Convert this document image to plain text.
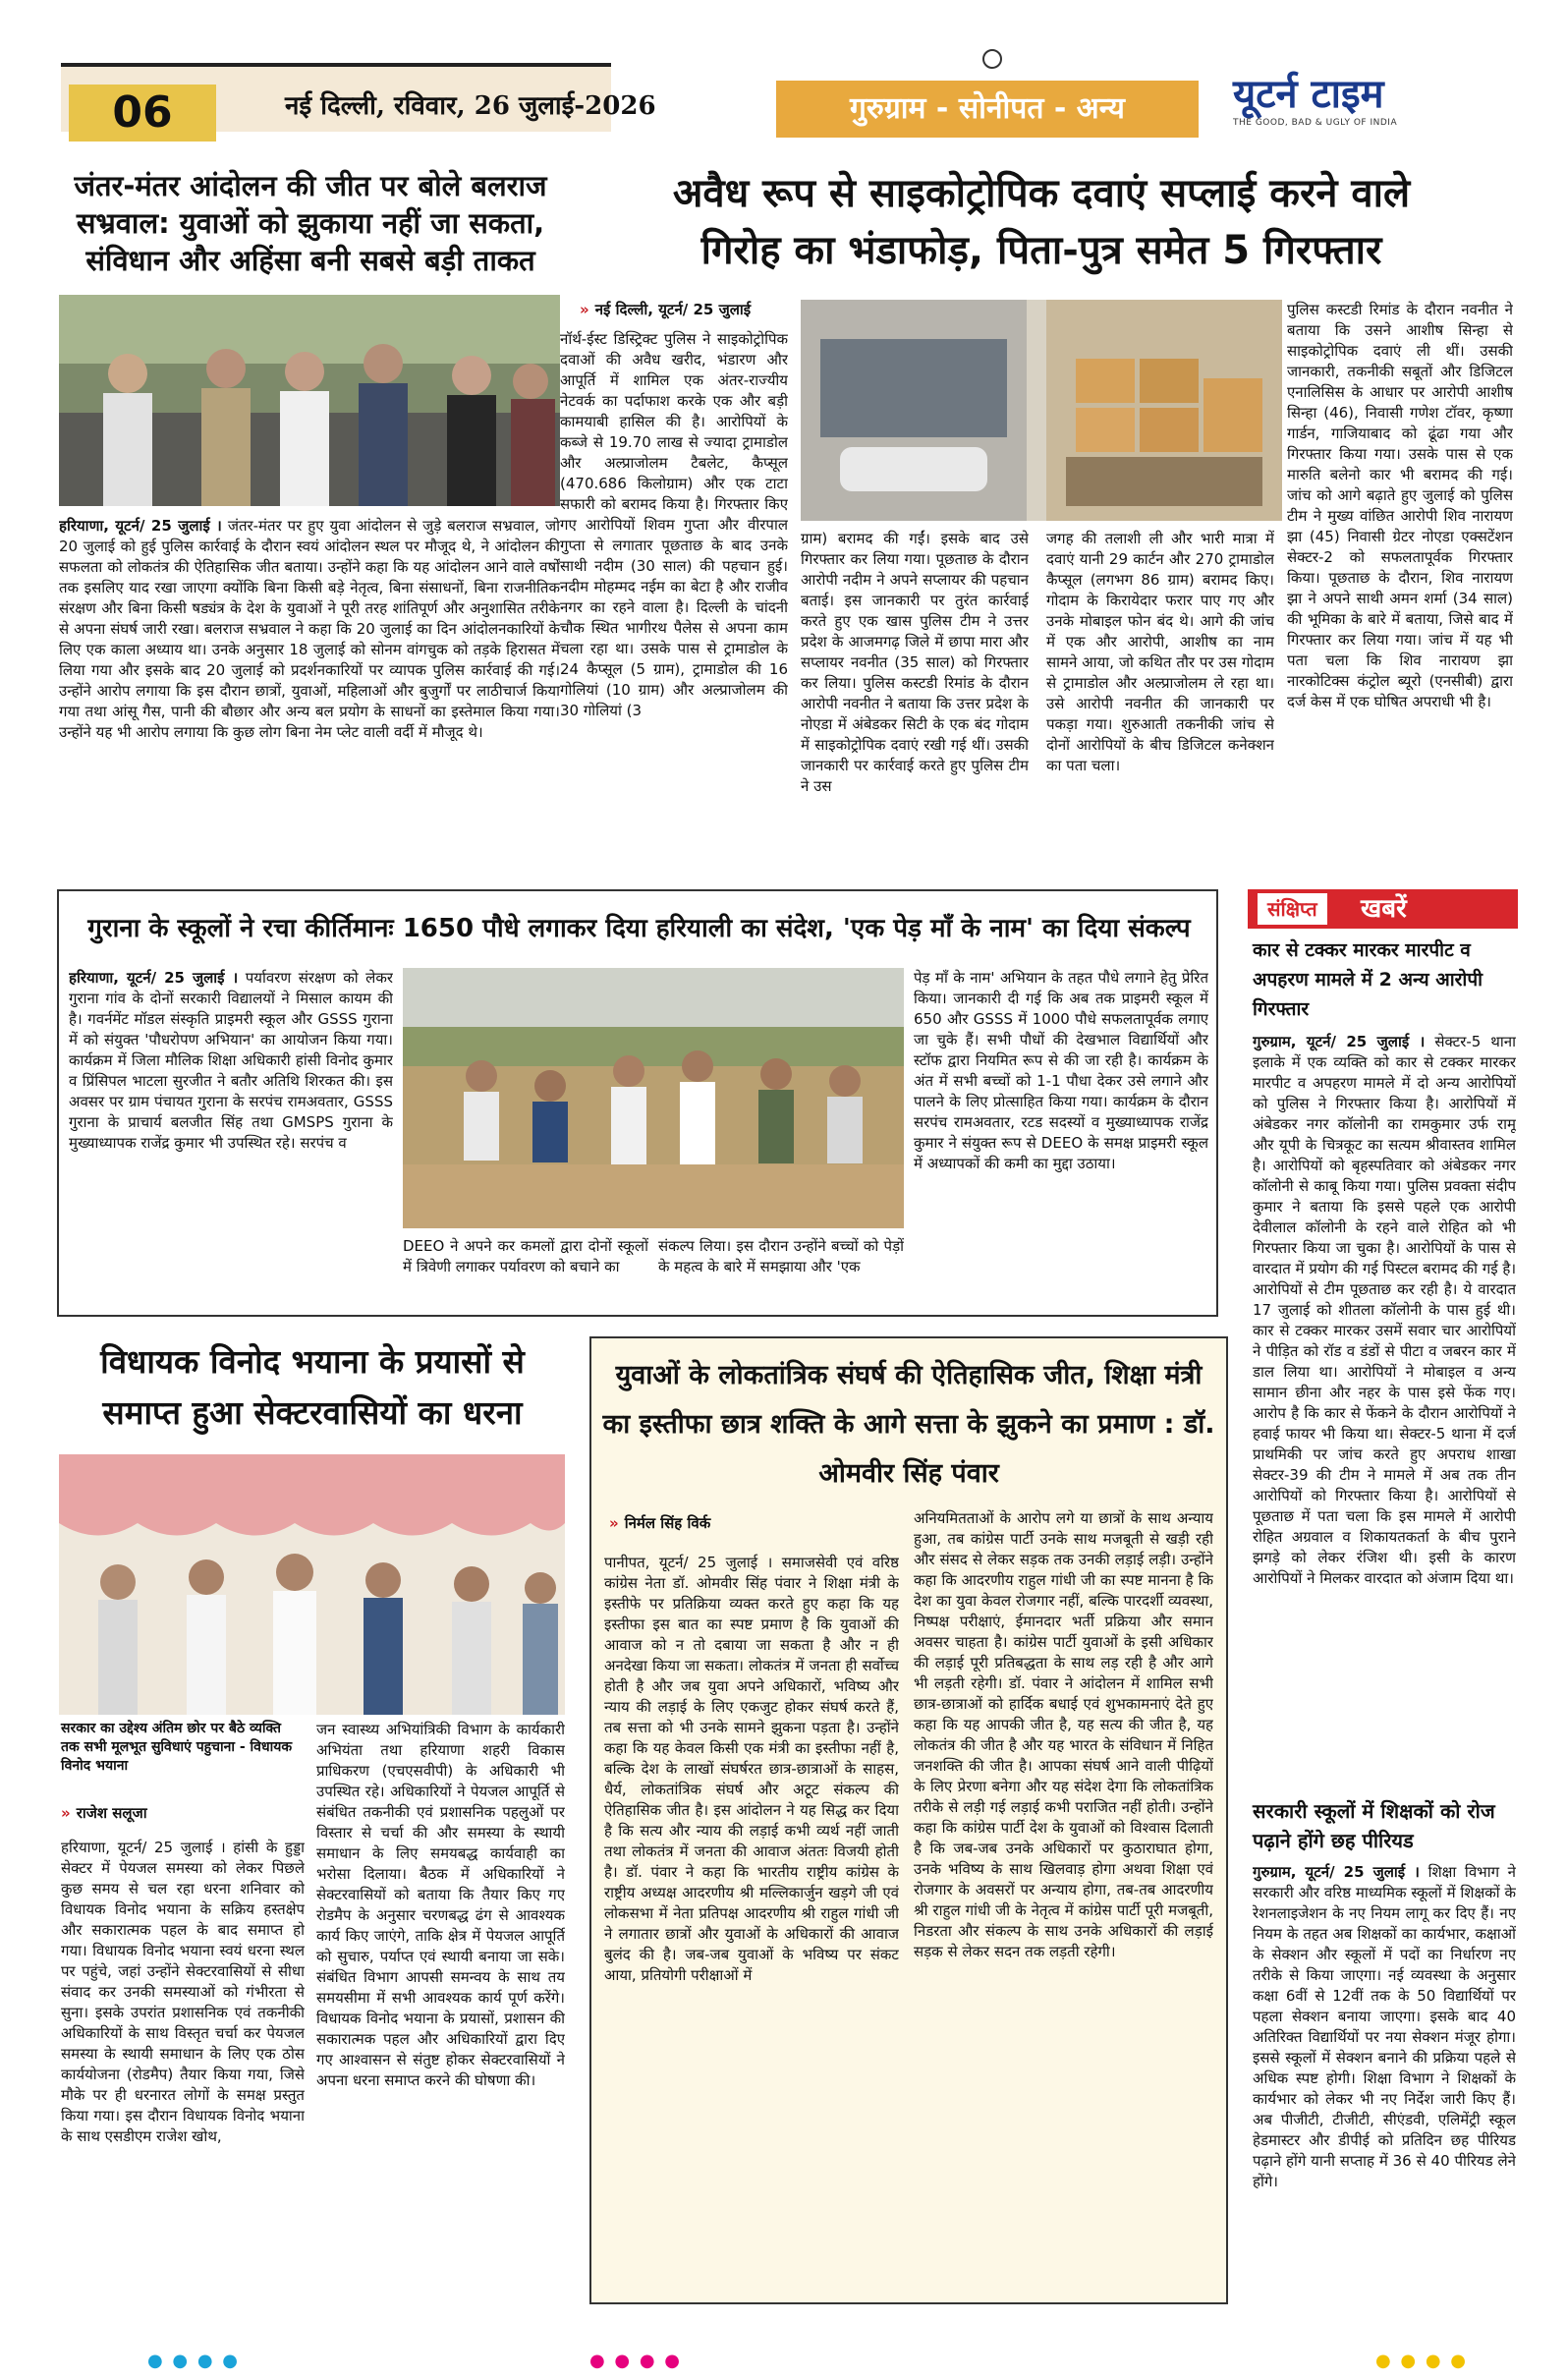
06	नई दिल्ली, रविवार, 26 जुलाई-2026	गुरुग्राम - सोनीपत - अन्य	यूटर्न टाइम
THE GOOD, BAD & UGLY OF INDIA
जंतर-मंतर आंदोलन की जीत पर बोले बलराज सभ्रवाल: युवाओं को झुकाया नहीं जा सकता, संविधान और अहिंसा बनी सबसे बड़ी ताकत
हरियाणा, यूटर्न/ 25 जुलाई । जंतर-मंतर पर हुए युवा आंदोलन से जुड़े बलराज सभ्रवाल, जो 20 जुलाई को हुई पुलिस कार्रवाई के दौरान स्वयं आंदोलन स्थल पर मौजूद थे, ने आंदोलन की सफलता को लोकतंत्र की ऐतिहासिक जीत बताया। उन्होंने कहा कि यह आंदोलन आने वाले वर्षों तक इसलिए याद रखा जाएगा क्योंकि बिना किसी बड़े नेतृत्व, बिना संसाधनों, बिना राजनीतिक संरक्षण और बिना किसी षड्यंत्र के देश के युवाओं ने पूरी तरह शांतिपूर्ण और अनुशासित तरीके से अपना संघर्ष जारी रखा। बलराज सभ्रवाल ने कहा कि 20 जुलाई का दिन आंदोलनकारियों के लिए एक काला अध्याय था। उनके अनुसार 18 जुलाई को सोनम वांगचुक को तड़के हिरासत में लिया गया और इसके बाद 20 जुलाई को प्रदर्शनकारियों पर व्यापक पुलिस कार्रवाई की गई। उन्होंने आरोप लगाया कि इस दौरान छात्रों, युवाओं, महिलाओं और बुजुर्गों पर लाठीचार्ज किया गया तथा आंसू गैस, पानी की बौछार और अन्य बल प्रयोग के साधनों का इस्तेमाल किया गया। उन्होंने यह भी आरोप लगाया कि कुछ लोग बिना नेम प्लेट वाली वर्दी में मौजूद थे।
अवैध रूप से साइकोट्रोपिक दवाएं सप्लाई करने वाले
गिरोह का भंडाफोड़, पिता-पुत्र समेत 5 गिरफ्तार
» नई दिल्ली, यूटर्न/ 25 जुलाई
नॉर्थ-ईस्ट डिस्ट्रिक्ट पुलिस ने साइकोट्रोपिक दवाओं की अवैध खरीद, भंडारण और आपूर्ति में शामिल एक अंतर-राज्यीय नेटवर्क का पर्दाफाश करके एक और बड़ी कामयाबी हासिल की है। आरोपियों के कब्जे से 19.70 लाख से ज्यादा ट्रामाडोल और अल्प्राजोलम टैबलेट, कैप्सूल (470.686 किलोग्राम) और एक टाटा सफारी को बरामद किया है। गिरफ्तार किए गए आरोपियों शिवम गुप्ता और वीरपाल गुप्ता से लगातार पूछताछ के बाद उनके साथी नदीम (30 साल) की पहचान हुई। नदीम मोहम्मद नईम का बेटा है और राजीव नगर का रहने वाला है। दिल्ली के चांदनी चौक स्थित भागीरथ पैलेस से अपना काम चला रहा था। उसके पास से ट्रामाडोल के 24 कैप्सूल (5 ग्राम), ट्रामाडोल की 16 गोलियां (10 ग्राम) और अल्प्राजोलम की 30 गोलियां (3
ग्राम) बरामद की गईं। इसके बाद उसे गिरफ्तार कर लिया गया। पूछताछ के दौरान आरोपी नदीम ने अपने सप्लायर की पहचान बताई। इस जानकारी पर तुरंत कार्रवाई करते हुए एक खास पुलिस टीम ने उत्तर प्रदेश के आजमगढ़ जिले में छापा मारा और सप्लायर नवनीत (35 साल) को गिरफ्तार कर लिया। पुलिस कस्टडी रिमांड के दौरान आरोपी नवनीत ने बताया कि उत्तर प्रदेश के नोएडा में अंबेडकर सिटी के एक बंद गोदाम में साइकोट्रोपिक दवाएं रखी गई थीं। उसकी जानकारी पर कार्रवाई करते हुए पुलिस टीम ने उस
जगह की तलाशी ली और भारी मात्रा में दवाएं यानी 29 कार्टन और 270 ट्रामाडोल कैप्सूल (लगभग 86 ग्राम) बरामद किए। गोदाम के किरायेदार फरार पाए गए और उनके मोबाइल फोन बंद थे। आगे की जांच में एक और आरोपी, आशीष का नाम सामने आया, जो कथित तौर पर उस गोदाम से ट्रामाडोल और अल्प्राजोलम ले रहा था। उसे आरोपी नवनीत की जानकारी पर पकड़ा गया। शुरुआती तकनीकी जांच से दोनों आरोपियों के बीच डिजिटल कनेक्शन का पता चला।
पुलिस कस्टडी रिमांड के दौरान नवनीत ने बताया कि उसने आशीष सिन्हा से साइकोट्रोपिक दवाएं ली थीं। उसकी जानकारी, तकनीकी सबूतों और डिजिटल एनालिसिस के आधार पर आरोपी आशीष सिन्हा (46), निवासी गणेश टॉवर, कृष्णा गार्डन, गाजियाबाद को ढूंढा गया और गिरफ्तार किया गया। उसके पास से एक मारुति बलेनो कार भी बरामद की गई। जांच को आगे बढ़ाते हुए जुलाई को पुलिस टीम ने मुख्य वांछित आरोपी शिव नारायण झा (45) निवासी ग्रेटर नोएडा एक्सटेंशन सेक्टर-2 को सफलतापूर्वक गिरफ्तार किया। पूछताछ के दौरान, शिव नारायण झा ने अपने साथी अमन शर्मा (34 साल) की भूमिका के बारे में बताया, जिसे बाद में गिरफ्तार कर लिया गया। जांच में यह भी पता चला कि शिव नारायण झा नारकोटिक्स कंट्रोल ब्यूरो (एनसीबी) द्वारा दर्ज केस में एक घोषित अपराधी भी है।
गुराना के स्कूलों ने रचा कीर्तिमानः 1650 पौधे लगाकर दिया हरियाली का संदेश, 'एक पेड़ माँ के नाम' का दिया संकल्प
हरियाणा, यूटर्न/ 25 जुलाई । पर्यावरण संरक्षण को लेकर गुराना गांव के दोनों सरकारी विद्यालयों ने मिसाल कायम की है। गवर्नमेंट मॉडल संस्कृति प्राइमरी स्कूल और GSSS गुराना में को संयुक्त 'पौधरोपण अभियान' का आयोजन किया गया। कार्यक्रम में जिला मौलिक शिक्षा अधिकारी हांसी विनोद कुमार व प्रिंसिपल भाटला सुरजीत ने बतौर अतिथि शिरकत की। इस अवसर पर ग्राम पंचायत गुराना के सरपंच रामअवतार, GSSS गुराना के प्राचार्य बलजीत सिंह तथा GMSPS गुराना के मुख्याध्यापक राजेंद्र कुमार भी उपस्थित रहे। सरपंच व
DEEO ने अपने कर कमलों द्वारा दोनों स्कूलों में त्रिवेणी लगाकर पर्यावरण को बचाने का
संकल्प लिया। इस दौरान उन्होंने बच्चों को पेड़ों के महत्व के बारे में समझाया और 'एक
पेड़ माँ के नाम' अभियान के तहत पौधे लगाने हेतु प्रेरित किया। जानकारी दी गई कि अब तक प्राइमरी स्कूल में 650 और GSSS में 1000 पौधे सफलतापूर्वक लगाए जा चुके हैं। सभी पौधों की देखभाल विद्यार्थियों और स्टॉफ द्वारा नियमित रूप से की जा रही है। कार्यक्रम के अंत में सभी बच्चों को 1-1 पौधा देकर उसे लगाने और पालने के लिए प्रोत्साहित किया गया। कार्यक्रम के दौरान सरपंच रामअवतार, रटड सदस्यों व मुख्याध्यापक राजेंद्र कुमार ने संयुक्त रूप से DEEO के समक्ष प्राइमरी स्कूल में अध्यापकों की कमी का मुद्दा उठाया।
संक्षिप्त	खबरें
कार से टक्कर मारकर मारपीट व अपहरण मामले में 2 अन्य आरोपी गिरफ्तार
गुरुग्राम, यूटर्न/ 25 जुलाई । सेक्टर-5 थाना इलाके में एक व्यक्ति को कार से टक्कर मारकर मारपीट व अपहरण मामले में दो अन्य आरोपियों को पुलिस ने गिरफ्तार किया है। आरोपियों में अंबेडकर नगर कॉलोनी का रामकुमार उर्फ रामू और यूपी के चित्रकूट का सत्यम श्रीवास्तव शामिल है। आरोपियों को बृहस्पतिवार को अंबेडकर नगर कॉलोनी से काबू किया गया। पुलिस प्रवक्ता संदीप कुमार ने बताया कि इससे पहले एक आरोपी देवीलाल कॉलोनी के रहने वाले रोहित को भी गिरफ्तार किया जा चुका है। आरोपियों के पास से वारदात में प्रयोग की गई पिस्टल बरामद की गई है। आरोपियों से टीम पूछताछ कर रही है। ये वारदात 17 जुलाई को शीतला कॉलोनी के पास हुई थी। कार से टक्कर मारकर उसमें सवार चार आरोपियों ने पीड़ित को रॉड व डंडों से पीटा व जबरन कार में डाल लिया था। आरोपियों ने मोबाइल व अन्य सामान छीना और नहर के पास इसे फेंक गए। आरोप है कि कार से फेंकने के दौरान आरोपियों ने हवाई फायर भी किया था। सेक्टर-5 थाना में दर्ज प्राथमिकी पर जांच करते हुए अपराध शाखा सेक्टर-39 की टीम ने मामले में अब तक तीन आरोपियों को गिरफ्तार किया है। आरोपियों से पूछताछ में पता चला कि इस मामले में आरोपी रोहित अग्रवाल व शिकायतकर्ता के बीच पुराने झगड़े को लेकर रंजिश थी। इसी के कारण आरोपियों ने मिलकर वारदात को अंजाम दिया था।
सरकारी स्कूलों में शिक्षकों को रोज पढ़ाने होंगे छह पीरियड
गुरुग्राम, यूटर्न/ 25 जुलाई । शिक्षा विभाग ने सरकारी और वरिष्ठ माध्यमिक स्कूलों में शिक्षकों के रेशनलाइजेशन के नए नियम लागू कर दिए हैं। नए नियम के तहत अब शिक्षकों का कार्यभार, कक्षाओं के सेक्शन और स्कूलों में पदों का निर्धारण नए तरीके से किया जाएगा। नई व्यवस्था के अनुसार कक्षा 6वीं से 12वीं तक के 50 विद्यार्थियों पर पहला सेक्शन बनाया जाएगा। इसके बाद 40 अतिरिक्त विद्यार्थियों पर नया सेक्शन मंजूर होगा। इससे स्कूलों में सेक्शन बनाने की प्रक्रिया पहले से अधिक स्पष्ट होगी। शिक्षा विभाग ने शिक्षकों के कार्यभार को लेकर भी नए निर्देश जारी किए हैं। अब पीजीटी, टीजीटी, सीएंडवी, एलिमेंट्री स्कूल हेडमास्टर और डीपीई को प्रतिदिन छह पीरियड पढ़ाने होंगे यानी सप्ताह में 36 से 40 पीरियड लेने होंगे।
विधायक विनोद भयाना के प्रयासों से समाप्त हुआ सेक्टरवासियों का धरना
सरकार का उद्देश्य अंतिम छोर पर बैठे व्यक्ति तक सभी मूलभूत सुविधाएं पहुचाना - विधायक विनोद भयाना
» राजेश सलूजा
हरियाणा, यूटर्न/ 25 जुलाई । हांसी के हुड्डा सेक्टर में पेयजल समस्या को लेकर पिछले कुछ समय से चल रहा धरना शनिवार को विधायक विनोद भयाना के सक्रिय हस्तक्षेप और सकारात्मक पहल के बाद समाप्त हो गया। विधायक विनोद भयाना स्वयं धरना स्थल पर पहुंचे, जहां उन्होंने सेक्टरवासियों से सीधा संवाद कर उनकी समस्याओं को गंभीरता से सुना। इसके उपरांत प्रशासनिक एवं तकनीकी अधिकारियों के साथ विस्तृत चर्चा कर पेयजल समस्या के स्थायी समाधान के लिए एक ठोस कार्ययोजना (रोडमैप) तैयार किया गया, जिसे मौके पर ही धरनारत लोगों के समक्ष प्रस्तुत किया गया। इस दौरान विधायक विनोद भयाना के साथ एसडीएम राजेश खोथ,
जन स्वास्थ्य अभियांत्रिकी विभाग के कार्यकारी अभियंता तथा हरियाणा शहरी विकास प्राधिकरण (एचएसवीपी) के अधिकारी भी उपस्थित रहे। अधिकारियों ने पेयजल आपूर्ति से संबंधित तकनीकी एवं प्रशासनिक पहलुओं पर विस्तार से चर्चा की और समस्या के स्थायी समाधान के लिए समयबद्ध कार्यवाही का भरोसा दिलाया। बैठक में अधिकारियों ने सेक्टरवासियों को बताया कि तैयार किए गए रोडमैप के अनुसार चरणबद्ध ढंग से आवश्यक कार्य किए जाएंगे, ताकि क्षेत्र में पेयजल आपूर्ति को सुचारु, पर्याप्त एवं स्थायी बनाया जा सके। संबंधित विभाग आपसी समन्वय के साथ तय समयसीमा में सभी आवश्यक कार्य पूर्ण करेंगे। विधायक विनोद भयाना के प्रयासों, प्रशासन की सकारात्मक पहल और अधिकारियों द्वारा दिए गए आश्वासन से संतुष्ट होकर सेक्टरवासियों ने अपना धरना समाप्त करने की घोषणा की।
युवाओं के लोकतांत्रिक संघर्ष की ऐतिहासिक जीत, शिक्षा मंत्री का इस्तीफा छात्र शक्ति के आगे सत्ता के झुकने का प्रमाण : डॉ. ओमवीर सिंह पंवार
» निर्मल सिंह विर्क
पानीपत, यूटर्न/ 25 जुलाई । समाजसेवी एवं वरिष्ठ कांग्रेस नेता डॉ. ओमवीर सिंह पंवार ने शिक्षा मंत्री के इस्तीफे पर प्रतिक्रिया व्यक्त करते हुए कहा कि यह इस्तीफा इस बात का स्पष्ट प्रमाण है कि युवाओं की आवाज को न तो दबाया जा सकता है और न ही अनदेखा किया जा सकता। लोकतंत्र में जनता ही सर्वोच्च होती है और जब युवा अपने अधिकारों, भविष्य और न्याय की लड़ाई के लिए एकजुट होकर संघर्ष करते हैं, तब सत्ता को भी उनके सामने झुकना पड़ता है। उन्होंने कहा कि यह केवल किसी एक मंत्री का इस्तीफा नहीं है, बल्कि देश के लाखों संघर्षरत छात्र-छात्राओं के साहस, धैर्य, लोकतांत्रिक संघर्ष और अटूट संकल्प की ऐतिहासिक जीत है। इस आंदोलन ने यह सिद्ध कर दिया है कि सत्य और न्याय की लड़ाई कभी व्यर्थ नहीं जाती तथा लोकतंत्र में जनता की आवाज अंततः विजयी होती है। डॉ. पंवार ने कहा कि भारतीय राष्ट्रीय कांग्रेस के राष्ट्रीय अध्यक्ष आदरणीय श्री मल्लिकार्जुन खड़गे जी एवं लोकसभा में नेता प्रतिपक्ष आदरणीय श्री राहुल गांधी जी ने लगातार छात्रों और युवाओं के अधिकारों की आवाज बुलंद की है। जब-जब युवाओं के भविष्य पर संकट आया, प्रतियोगी परीक्षाओं में
अनियमितताओं के आरोप लगे या छात्रों के साथ अन्याय हुआ, तब कांग्रेस पार्टी उनके साथ मजबूती से खड़ी रही और संसद से लेकर सड़क तक उनकी लड़ाई लड़ी। उन्होंने कहा कि आदरणीय राहुल गांधी जी का स्पष्ट मानना है कि देश का युवा केवल रोजगार नहीं, बल्कि पारदर्शी व्यवस्था, निष्पक्ष परीक्षाएं, ईमानदार भर्ती प्रक्रिया और समान अवसर चाहता है। कांग्रेस पार्टी युवाओं के इसी अधिकार की लड़ाई पूरी प्रतिबद्धता के साथ लड़ रही है और आगे भी लड़ती रहेगी। डॉ. पंवार ने आंदोलन में शामिल सभी छात्र-छात्राओं को हार्दिक बधाई एवं शुभकामनाएं देते हुए कहा कि यह आपकी जीत है, यह सत्य की जीत है, यह लोकतंत्र की जीत है और यह भारत के संविधान में निहित जनशक्ति की जीत है। आपका संघर्ष आने वाली पीढ़ियों के लिए प्रेरणा बनेगा और यह संदेश देगा कि लोकतांत्रिक तरीके से लड़ी गई लड़ाई कभी पराजित नहीं होती। उन्होंने कहा कि कांग्रेस पार्टी देश के युवाओं को विश्वास दिलाती है कि जब-जब उनके अधिकारों पर कुठाराघात होगा, उनके भविष्य के साथ खिलवाड़ होगा अथवा शिक्षा एवं रोजगार के अवसरों पर अन्याय होगा, तब-तब आदरणीय श्री राहुल गांधी जी के नेतृत्व में कांग्रेस पार्टी पूरी मजबूती, निडरता और संकल्प के साथ उनके अधिकारों की लड़ाई सड़क से लेकर सदन तक लड़ती रहेगी।
● ● ● ●	● ● ● ●	● ● ● ●
